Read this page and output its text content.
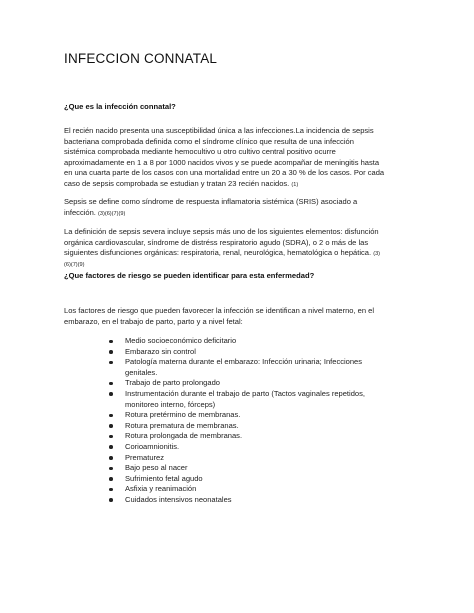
INFECCION CONNATAL
¿Que es la infección connatal?
El recién nacido presenta una susceptibilidad única a las infecciones.La incidencia de sepsis
bacteriana comprobada definida como el síndrome clínico que resulta de una infección
sistémica comprobada mediante hemocultivo u otro cultivo central positivo ocurre
aproximadamente en 1 a 8 por 1000 nacidos vivos y se puede acompañar de meningitis hasta
en una cuarta parte de los casos con una mortalidad entre un 20 a 30 % de los casos. Por cada
caso de sepsis comprobada se estudian y tratan 23 recién nacidos. (1)
Sepsis se define como síndrome de respuesta inflamatoria sistémica (SRIS) asociado a
infección. (3)(6)(7)(9)
La definición de sepsis severa incluye sepsis más uno de los siguientes elementos: disfunción
orgánica cardiovascular, síndrome de distréss respiratorio agudo (SDRA), o 2 o más de las
siguientes disfunciones orgánicas: respiratoria, renal, neurológica, hematológica o hepática. (3)
(6)(7)(9)
¿Que factores de riesgo se pueden identificar para esta enfermedad?
Los factores de riesgo que pueden favorecer la infección se identifican a nivel materno, en el
embarazo, en el trabajo de parto, parto y a nivel fetal:
Medio socioeconómico deficitario
Embarazo sin control
Patología materna durante el embarazo: Infección urinaria; Infecciones
genitales.
Trabajo de parto prolongado
Instrumentación durante el trabajo de parto (Tactos vaginales repetidos,
monitoreo interno, fórceps)
Rotura pretérmino de membranas.
Rotura prematura de membranas.
Rotura prolongada de membranas.
Corioamnionitis.
Prematurez
Bajo peso al nacer
Sufrimiento fetal agudo
Asfixia y reanimación
Cuidados intensivos neonatales
